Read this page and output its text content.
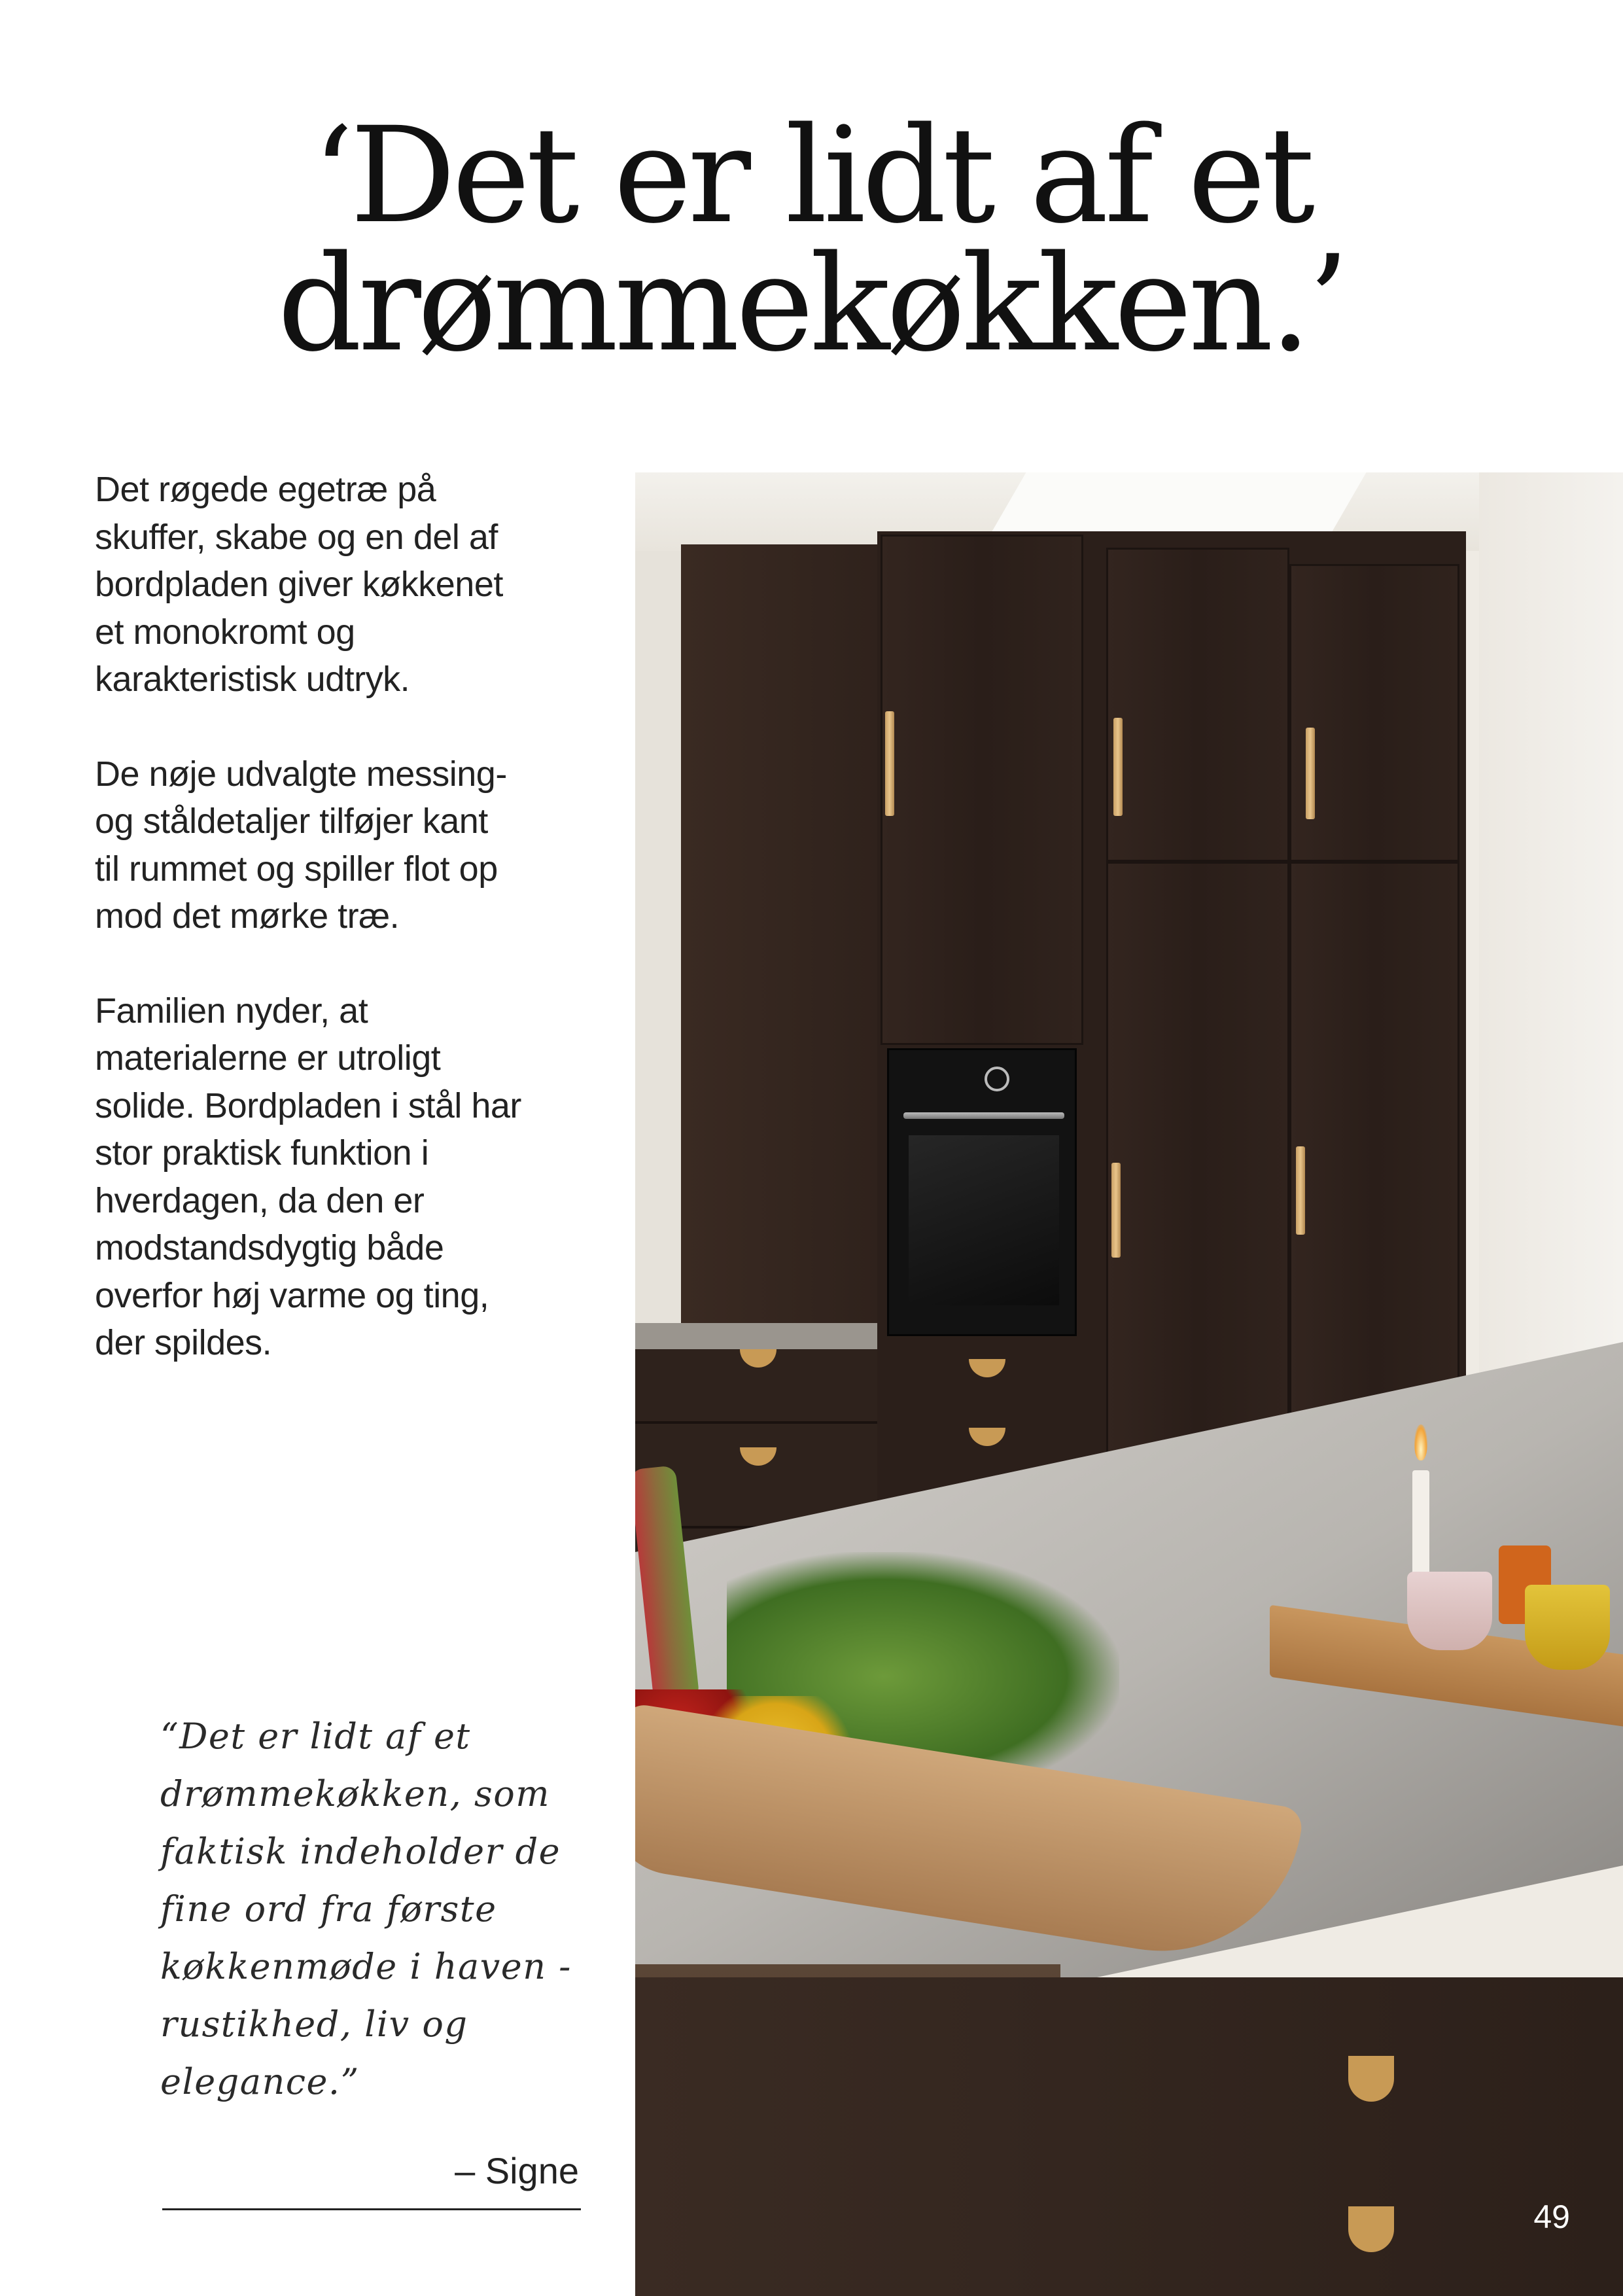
‘Det er lidt af et
drømmekøkken.’

Det røgede egetræ på
skuffer, skabe og en del af
bordpladen giver køkkenet
et monokromt og
karakteristisk udtryk.

De nøje udvalgte messing-
og ståldetaljer tilføjer kant
til rummet og spiller flot op
mod det mørke træ.

Familien nyder, at
materialerne er utroligt
solide. Bordpladen i stål har
stor praktisk funktion i
hverdagen, da den er
modstandsdygtig både
overfor høj varme og ting,
der spildes.

“Det er lidt af et
drømmekøkken, som
faktisk indeholder de
fine ord fra første
køkkenmøde i haven -
rustikhed, liv og
elegance.”
– Signe
49
